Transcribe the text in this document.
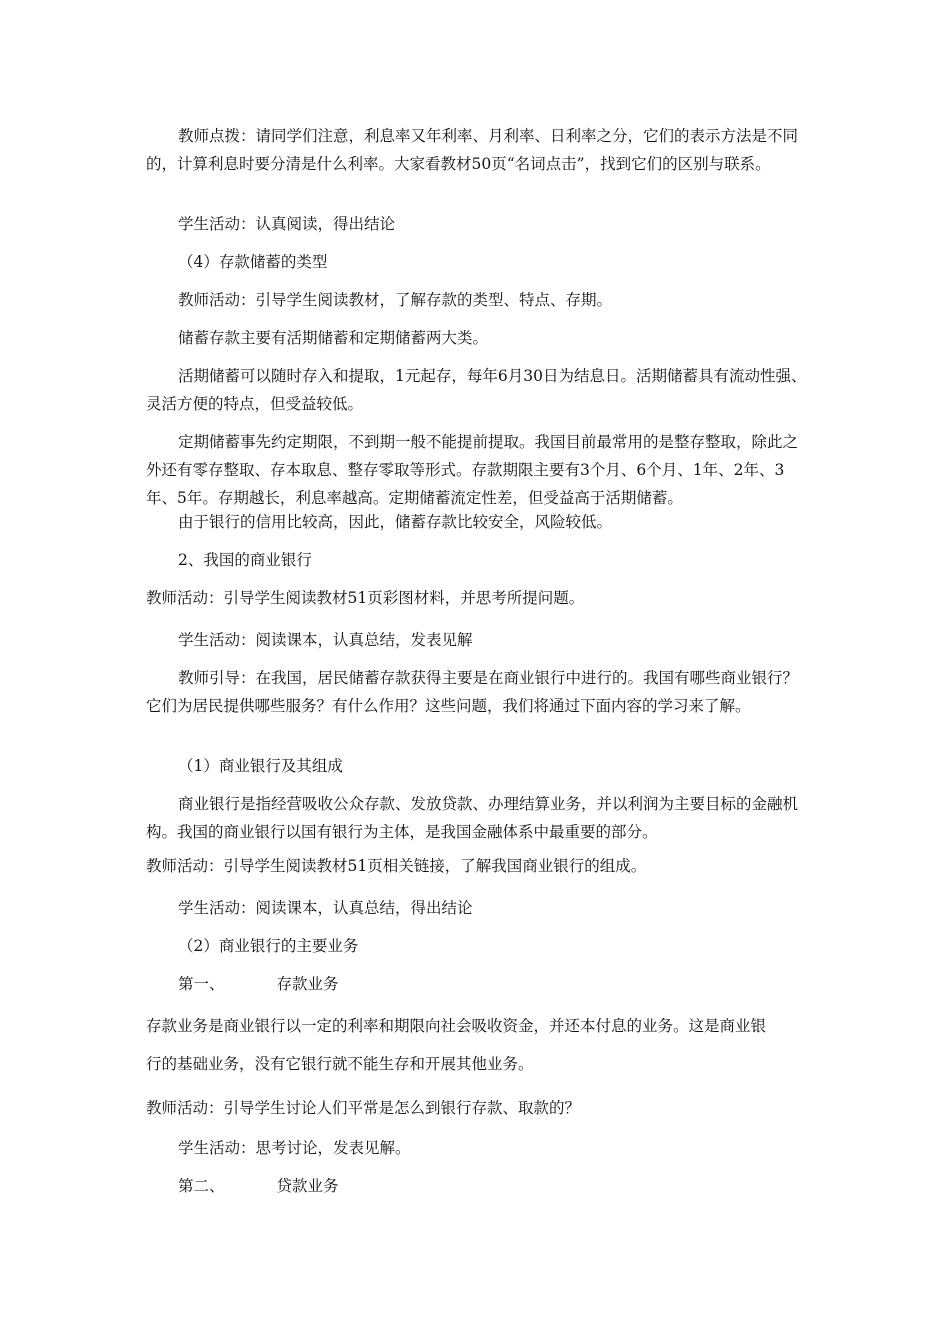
教师点拨：请同学们注意，利息率又年利率、月利率、日利率之分，它们的表示方法是不同的，计算利息时要分清是什么利率。大家看教材50页“名词点击”，找到它们的区别与联系。

学生活动：认真阅读，得出结论

（4）存款储蓄的类型

教师活动：引导学生阅读教材，了解存款的类型、特点、存期。

储蓄存款主要有活期储蓄和定期储蓄两大类。

活期储蓄可以随时存入和提取，1元起存，每年6月30日为结息日。活期储蓄具有流动性强、灵活方便的特点，但受益较低。

定期储蓄事先约定期限，不到期一般不能提前提取。我国目前最常用的是整存整取，除此之外还有零存整取、存本取息、整存零取等形式。存款期限主要有3个月、6个月、1年、2年、3年、5年。存期越长，利息率越高。定期储蓄流定性差，但受益高于活期储蓄。

由于银行的信用比较高，因此，储蓄存款比较安全，风险较低。

2、我国的商业银行

教师活动：引导学生阅读教材51页彩图材料，并思考所提问题。

学生活动：阅读课本，认真总结，发表见解

教师引导：在我国，居民储蓄存款获得主要是在商业银行中进行的。我国有哪些商业银行？它们为居民提供哪些服务？有什么作用？这些问题，我们将通过下面内容的学习来了解。

（1）商业银行及其组成

商业银行是指经营吸收公众存款、发放贷款、办理结算业务，并以利润为主要目标的金融机构。我国的商业银行以国有银行为主体，是我国金融体系中最重要的部分。

教师活动：引导学生阅读教材51页相关链接，了解我国商业银行的组成。

学生活动：阅读课本，认真总结，得出结论

（2）商业银行的主要业务

第一、	存款业务

存款业务是商业银行以一定的利率和期限向社会吸收资金，并还本付息的业务。这是商业银

行的基础业务，没有它银行就不能生存和开展其他业务。

教师活动：引导学生讨论人们平常是怎么到银行存款、取款的？

学生活动：思考讨论，发表见解。

第二、	贷款业务
